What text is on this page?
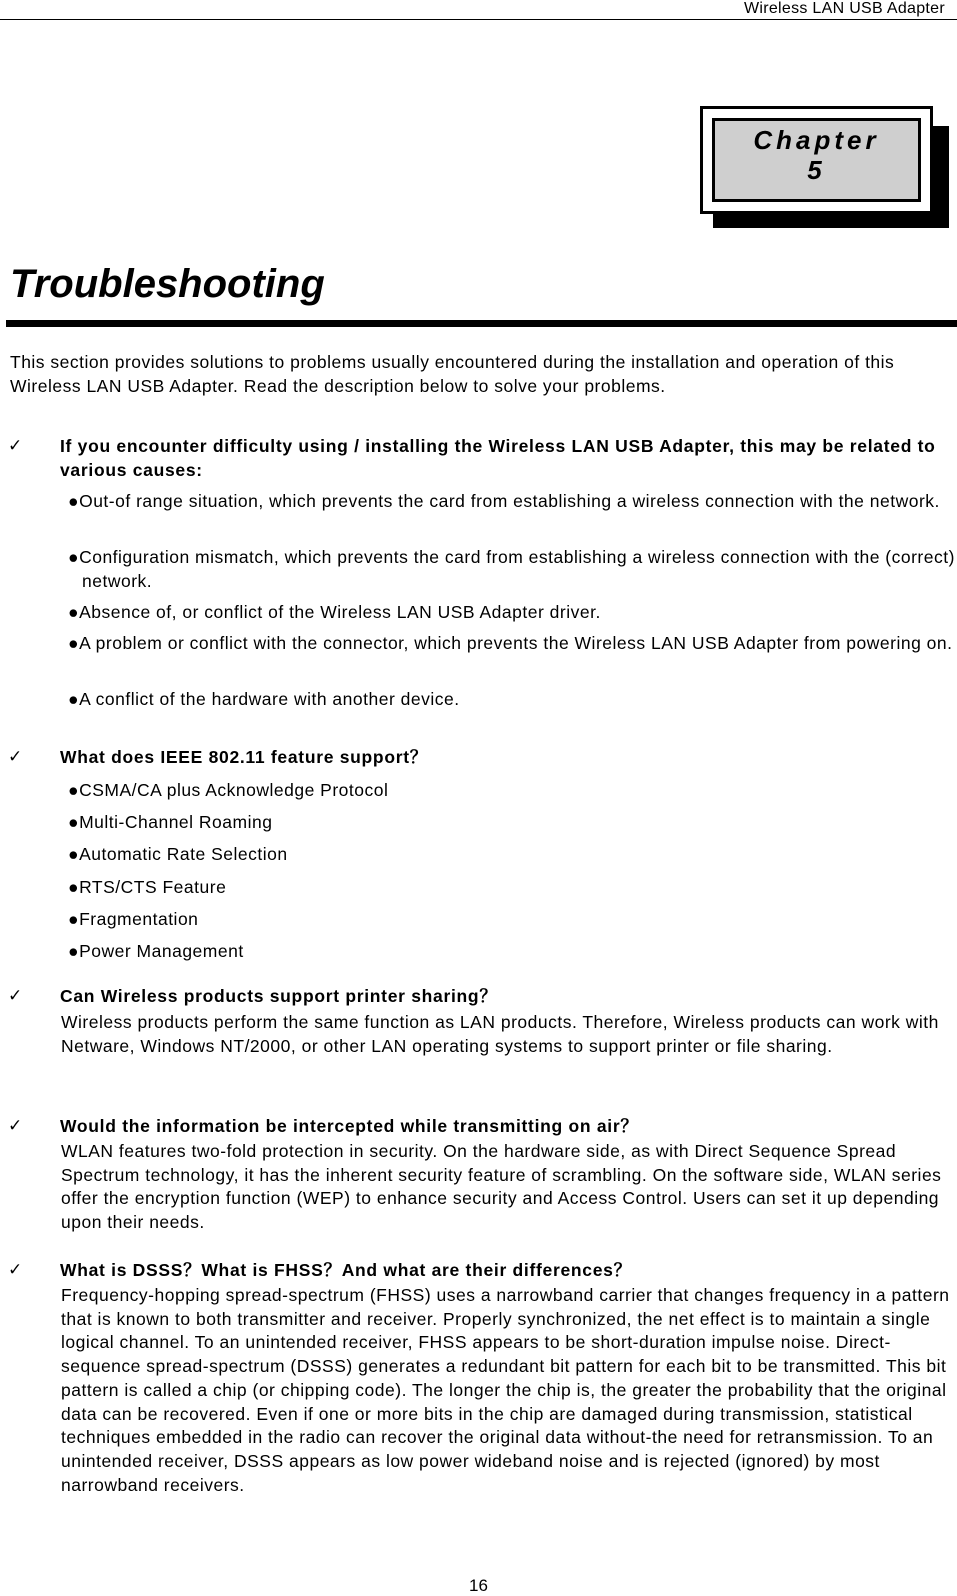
Wireless LAN USB Adapter
Chapter
5
Troubleshooting
This section provides solutions to problems usually encountered during the installation and operation of this Wireless LAN USB Adapter. Read the description below to solve your problems.
✓ If you encounter difficulty using / installing the Wireless LAN USB Adapter, this may be related to various causes:
●Out-of range situation, which prevents the card from establishing a wireless connection with the network.
●Configuration mismatch, which prevents the card from establishing a wireless connection with the (correct) network.
●Absence of, or conflict of the Wireless LAN USB Adapter driver.
●A problem or conflict with the connector, which prevents the Wireless LAN USB Adapter from powering on.
●A conflict of the hardware with another device.
✓ What does IEEE 802.11 feature support？
●CSMA/CA plus Acknowledge Protocol
●Multi-Channel Roaming
●Automatic Rate Selection
●RTS/CTS Feature
●Fragmentation
●Power Management
✓ Can Wireless products support printer sharing？
Wireless products perform the same function as LAN products. Therefore, Wireless products can work with Netware, Windows NT/2000, or other LAN operating systems to support printer or file sharing.
✓ Would the information be intercepted while transmitting on air？
WLAN features two-fold protection in security. On the hardware side, as with Direct Sequence Spread Spectrum technology, it has the inherent security feature of scrambling. On the software side, WLAN series offer the encryption function (WEP) to enhance security and Access Control. Users can set it up depending upon their needs.
✓ What is DSSS？What is FHSS？And what are their differences？
Frequency-hopping spread-spectrum (FHSS) uses a narrowband carrier that changes frequency in a pattern that is known to both transmitter and receiver. Properly synchronized, the net effect is to maintain a single logical channel. To an unintended receiver, FHSS appears to be short-duration impulse noise. Direct-sequence spread-spectrum (DSSS) generates a redundant bit pattern for each bit to be transmitted. This bit pattern is called a chip (or chipping code). The longer the chip is, the greater the probability that the original data can be recovered. Even if one or more bits in the chip are damaged during transmission, statistical techniques embedded in the radio can recover the original data without-the need for retransmission. To an unintended receiver, DSSS appears as low power wideband noise and is rejected (ignored) by most narrowband receivers.
16
